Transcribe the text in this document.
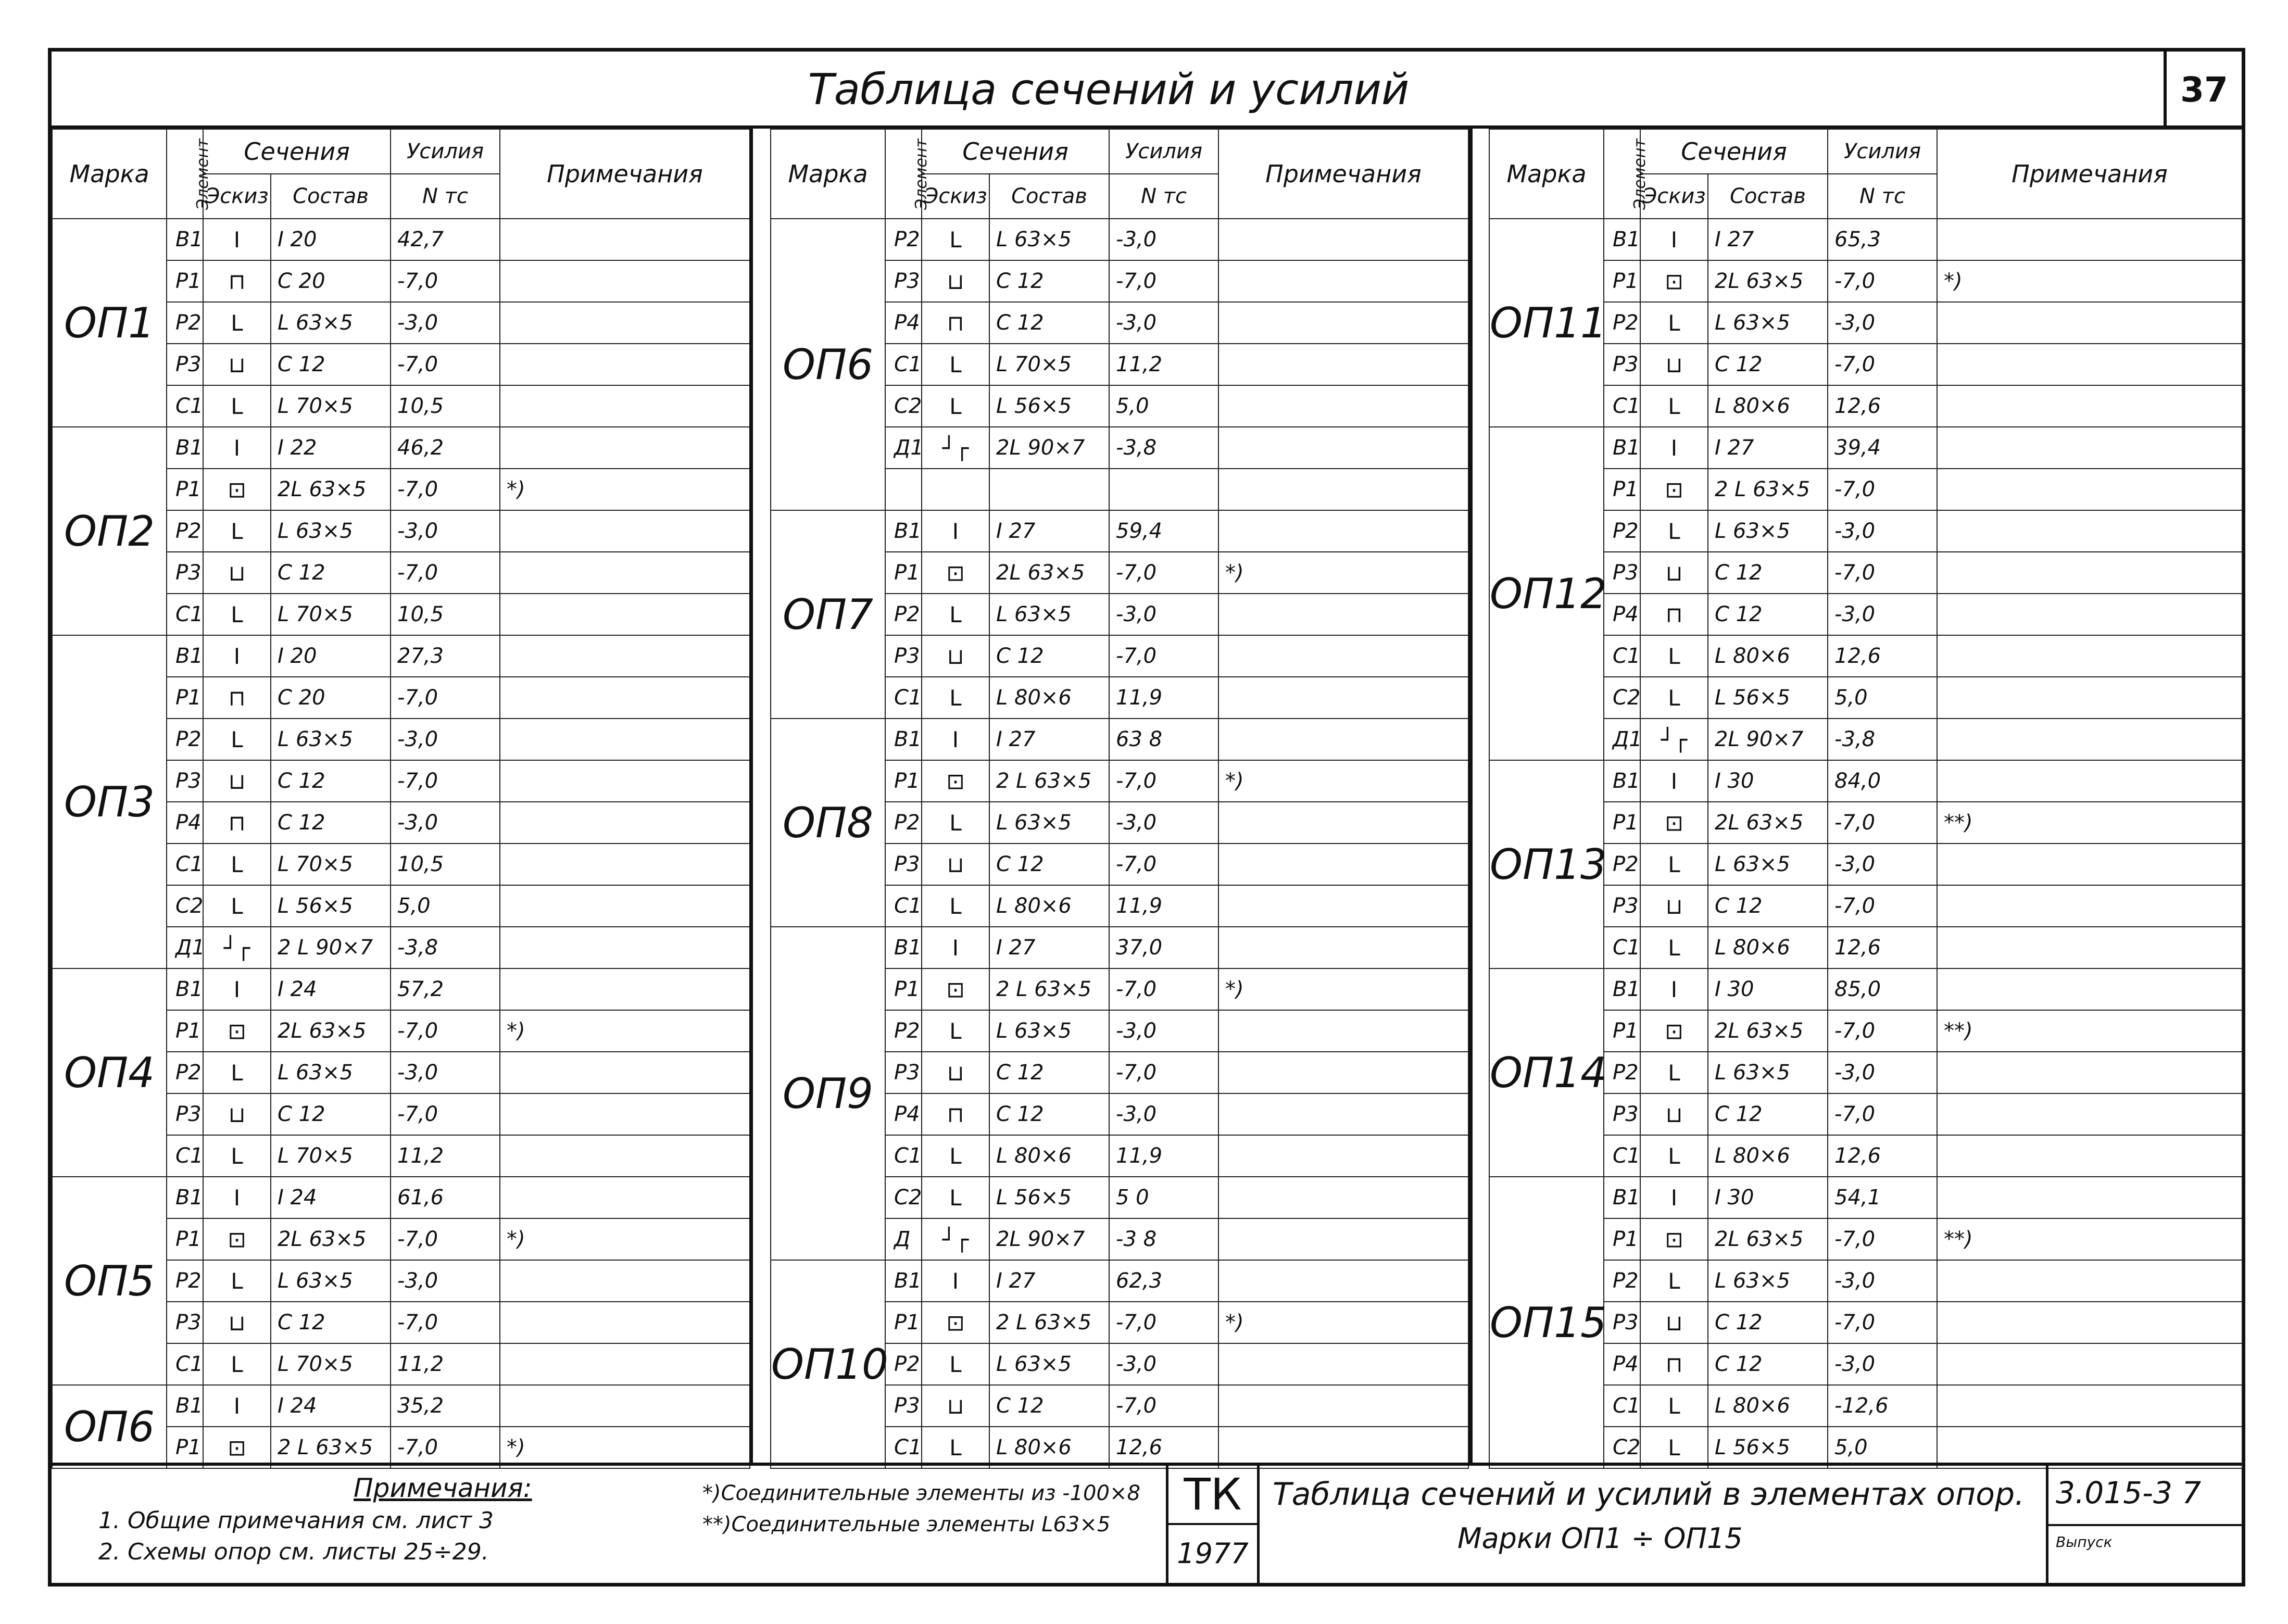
Таблица сечений и усилий	37
Марка	Элемент	Сечения		Усилия	Примечания
		Эскиз	Состав	N тс	
ОП1	В1	I	I 20	42,7	
	Р1	⊓	С 20	-7,0	
	Р2	L	L 63×5	-3,0	
	Р3	⊔	С 12	-7,0	
	С1	L	L 70×5	10,5	
ОП2	В1	I	I 22	46,2	
	Р1	⊡	2L 63×5	-7,0	*)
	Р2	L	L 63×5	-3,0	
	Р3	⊔	С 12	-7,0	
	С1	L	L 70×5	10,5	
ОП3	В1	I	I 20	27,3	
	Р1	⊓	С 20	-7,0	
	Р2	L	L 63×5	-3,0	
	Р3	⊔	С 12	-7,0	
	Р4	⊓	С 12	-3,0	
	С1	L	L 70×5	10,5	
	С2	L	L 56×5	5,0	
	Д1	┘┌	2 L 90×7	-3,8	
ОП4	В1	I	I 24	57,2	
	Р1	⊡	2L 63×5	-7,0	*)
	Р2	L	L 63×5	-3,0	
	Р3	⊔	С 12	-7,0	
	С1	L	L 70×5	11,2	
ОП5	В1	I	I 24	61,6	
	Р1	⊡	2L 63×5	-7,0	*)
	Р2	L	L 63×5	-3,0	
	Р3	⊔	С 12	-7,0	
	С1	L	L 70×5	11,2	
ОП6	В1	I	I 24	35,2	
	Р1	⊡	2 L 63×5	-7,0	*)
Марка	Элемент	Сечения		Усилия	Примечания
		Эскиз	Состав	N тс	
ОП6	Р2	L	L 63×5	-3,0	
	Р3	⊔	С 12	-7,0	
	Р4	⊓	С 12	-3,0	
	С1	L	L 70×5	11,2	
	С2	L	L 56×5	5,0	
	Д1	┘┌	2L 90×7	-3,8	

ОП7	В1	I	I 27	59,4	
	Р1	⊡	2L 63×5	-7,0	*)
	Р2	L	L 63×5	-3,0	
	Р3	⊔	С 12	-7,0	
	С1	L	L 80×6	11,9	
ОП8	В1	I	I 27	63 8	
	Р1	⊡	2 L 63×5	-7,0	*)
	Р2	L	L 63×5	-3,0	
	Р3	⊔	С 12	-7,0	
	С1	L	L 80×6	11,9	
ОП9	В1	I	I 27	37,0	
	Р1	⊡	2 L 63×5	-7,0	*)
	Р2	L	L 63×5	-3,0	
	Р3	⊔	С 12	-7,0	
	Р4	⊓	С 12	-3,0	
	С1	L	L 80×6	11,9	
	С2	L	L 56×5	5 0	
	Д	┘┌	2L 90×7	-3 8	
ОП10	В1	I	I 27	62,3	
	Р1	⊡	2 L 63×5	-7,0	*)
	Р2	L	L 63×5	-3,0	
	Р3	⊔	С 12	-7,0	
	С1	L	L 80×6	12,6	
Марка	Элемент	Сечения		Усилия	Примечания
		Эскиз	Состав	N тс	
ОП11	В1	I	I 27	65,3	
	Р1	⊡	2L 63×5	-7,0	*)
	Р2	L	L 63×5	-3,0	
	Р3	⊔	С 12	-7,0	
	С1	L	L 80×6	12,6	
ОП12	В1	I	I 27	39,4	
	Р1	⊡	2 L 63×5	-7,0	
	Р2	L	L 63×5	-3,0	
	Р3	⊔	С 12	-7,0	
	Р4	⊓	С 12	-3,0	
	С1	L	L 80×6	12,6	
	С2	L	L 56×5	5,0	
	Д1	┘┌	2L 90×7	-3,8	
ОП13	В1	I	I 30	84,0	
	Р1	⊡	2L 63×5	-7,0	**)
	Р2	L	L 63×5	-3,0	
	Р3	⊔	С 12	-7,0	
	С1	L	L 80×6	12,6	
ОП14	В1	I	I 30	85,0	
	Р1	⊡	2L 63×5	-7,0	**)
	Р2	L	L 63×5	-3,0	
	Р3	⊔	С 12	-7,0	
	С1	L	L 80×6	12,6	
ОП15	В1	I	I 30	54,1	
	Р1	⊡	2L 63×5	-7,0	**)
	Р2	L	L 63×5	-3,0	
	Р3	⊔	С 12	-7,0	
	Р4	⊓	С 12	-3,0	
	С1	L	L 80×6	-12,6	
	С2	L	L 56×5	5,0	
Примечания:
1. Общие примечания см. лист 3
2. Схемы опор см. листы 25÷29.
*)Соединительные элементы из -100×8
**)Соединительные элементы L63×5
ТК
1977
Таблица сечений и усилий в элементах опор.
Марки ОП1 ÷ ОП15
3.015-3 7
Выпуск
